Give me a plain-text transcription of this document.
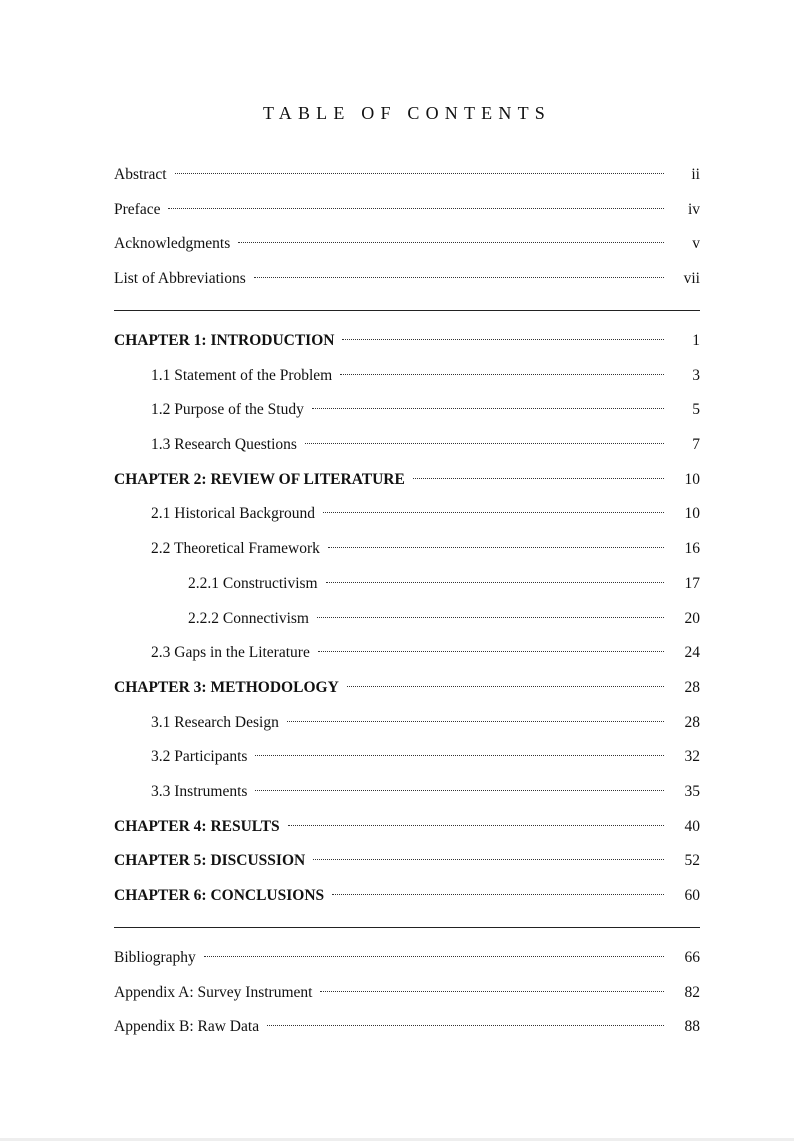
TABLE OF CONTENTS
Abstract	ii
Preface	iv
Acknowledgments	v
List of Abbreviations	vii
CHAPTER 1: INTRODUCTION	1
1.1 Statement of the Problem	3
1.2 Purpose of the Study	5
1.3 Research Questions	7
CHAPTER 2: REVIEW OF LITERATURE	10
2.1 Historical Background	10
2.2 Theoretical Framework	16
2.2.1 Constructivism	17
2.2.2 Connectivism	20
2.3 Gaps in the Literature	24
CHAPTER 3: METHODOLOGY	28
3.1 Research Design	28
3.2 Participants	32
3.3 Instruments	35
CHAPTER 4: RESULTS	40
CHAPTER 5: DISCUSSION	52
CHAPTER 6: CONCLUSIONS	60
Bibliography	66
Appendix A: Survey Instrument	82
Appendix B: Raw Data	88
